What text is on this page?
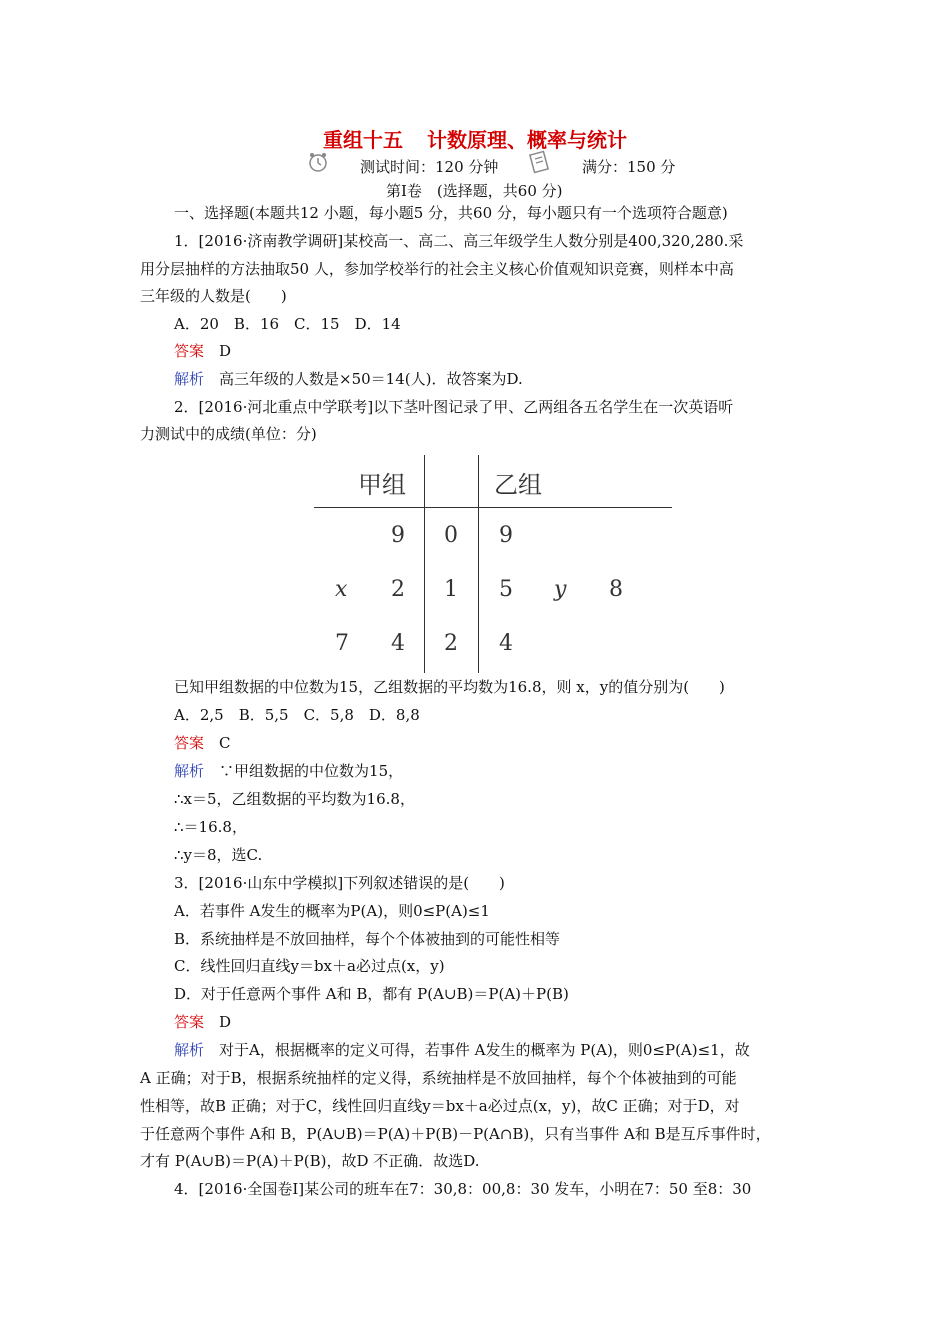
重组十五 计数原理、概率与统计
测试时间：120 分钟	满分：150 分
第Ⅰ卷　(选择题，共60 分)
一、选择题(本题共12 小题，每小题5 分，共60 分，每小题只有一个选项符合题意)
1．[2016·济南教学调研]某校高一、高二、高三年级学生人数分别是400,320,280.采
用分层抽样的方法抽取50 人，参加学校举行的社会主义核心价值观知识竞赛，则样本中高
三年级的人数是(　　)
A．20　B．16　C．15　D．14
答案　 D
解析　 高三年级的人数是×50＝14(人)．故答案为D.
2．[2016·河北重点中学联考]以下茎叶图记录了甲、乙两组各五名学生在一次英语听
力测试中的成绩(单位：分)
甲组	乙组
9 0 9
x 2 1 5 y 8
7 4 2 4
已知甲组数据的中位数为15，乙组数据的平均数为16.8，则 x，y的值分别为(　　)
A．2,5　B．5,5　C．5,8　D．8,8
答案　 C
解析　 ∵甲组数据的中位数为15，
∴x＝5，乙组数据的平均数为16.8，
∴＝16.8，
∴y＝8，选C.
3．[2016·山东中学模拟]下列叙述错误的是(　　)
A．若事件 A发生的概率为P(A)，则0≤P(A)≤1
B．系统抽样是不放回抽样，每个个体被抽到的可能性相等
C．线性回归直线y＝bx＋a必过点(x，y)
D．对于任意两个事件 A和 B，都有 P(A∪B)＝P(A)＋P(B)
答案　 D
解析　 对于A，根据概率的定义可得，若事件 A发生的概率为 P(A)，则0≤P(A)≤1，故
A 正确；对于B，根据系统抽样的定义得，系统抽样是不放回抽样，每个个体被抽到的可能
性相等，故B 正确；对于C，线性回归直线y＝bx＋a必过点(x，y)，故C 正确；对于D，对
于任意两个事件 A和 B，P(A∪B)＝P(A)＋P(B)－P(A∩B)，只有当事件 A和 B是互斥事件时，
才有 P(A∪B)＝P(A)＋P(B)，故D 不正确．故选D.
4．[2016·全国卷Ⅰ]某公司的班车在7：30,8：00,8：30 发车，小明在7：50 至8：30
